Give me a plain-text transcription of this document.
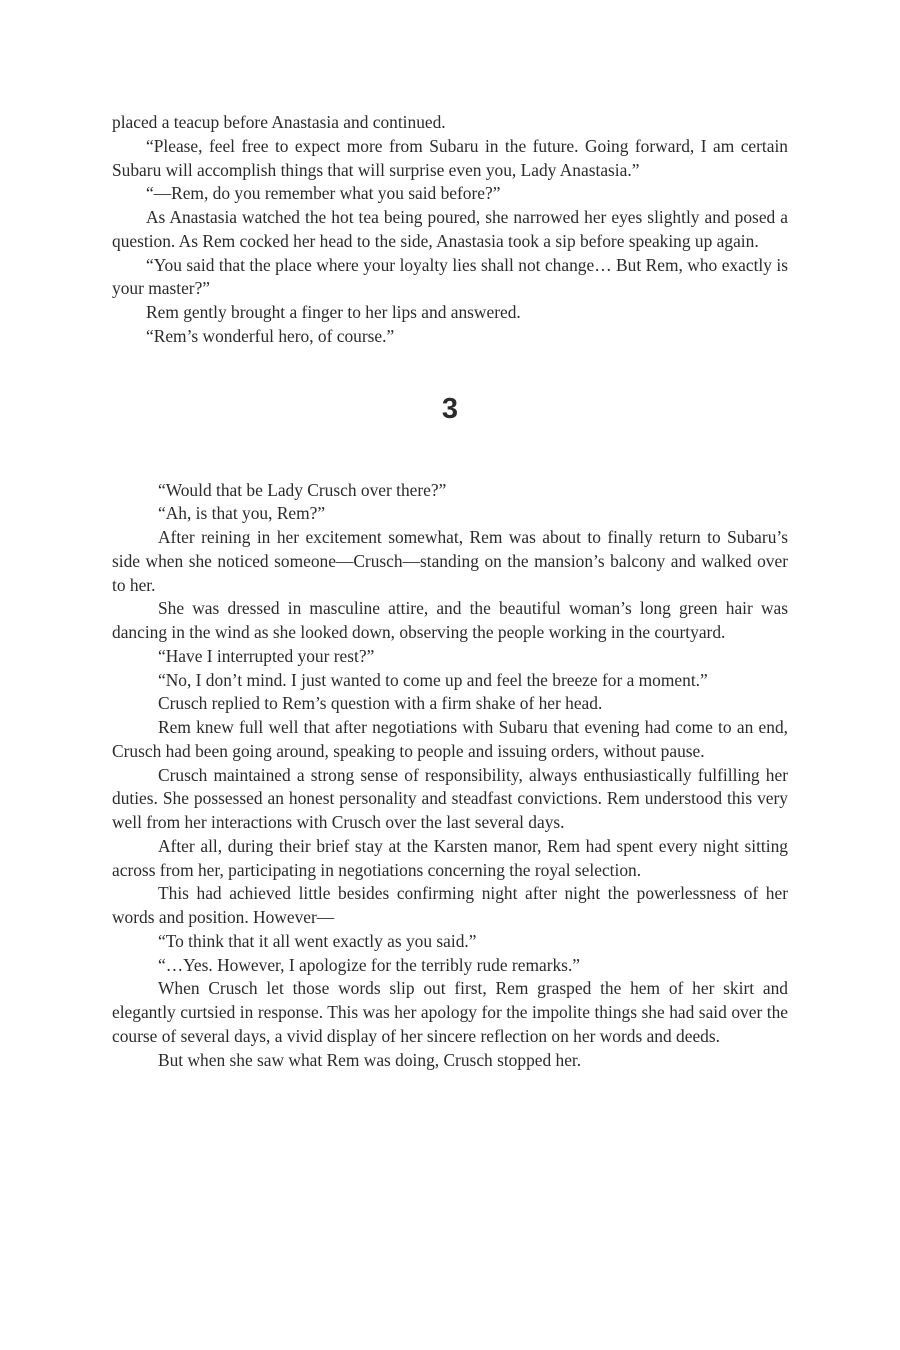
placed a teacup before Anastasia and continued.

“Please, feel free to expect more from Subaru in the future. Going forward, I am certain Subaru will accomplish things that will surprise even you, Lady Anastasia.”

“—Rem, do you remember what you said before?”

As Anastasia watched the hot tea being poured, she narrowed her eyes slightly and posed a question. As Rem cocked her head to the side, Anastasia took a sip before speaking up again.

“You said that the place where your loyalty lies shall not change… But Rem, who exactly is your master?”

Rem gently brought a finger to her lips and answered.

“Rem’s wonderful hero, of course.”

3

“Would that be Lady Crusch over there?”

“Ah, is that you, Rem?”

After reining in her excitement somewhat, Rem was about to finally return to Subaru’s side when she noticed someone—Crusch—standing on the mansion’s balcony and walked over to her.

She was dressed in masculine attire, and the beautiful woman’s long green hair was dancing in the wind as she looked down, observing the people working in the courtyard.

“Have I interrupted your rest?”

“No, I don’t mind. I just wanted to come up and feel the breeze for a moment.”

Crusch replied to Rem’s question with a firm shake of her head.

Rem knew full well that after negotiations with Subaru that evening had come to an end, Crusch had been going around, speaking to people and issuing orders, without pause.

Crusch maintained a strong sense of responsibility, always enthusiastically fulfilling her duties. She possessed an honest personality and steadfast convictions. Rem understood this very well from her interactions with Crusch over the last several days.

After all, during their brief stay at the Karsten manor, Rem had spent every night sitting across from her, participating in negotiations concerning the royal selection.

This had achieved little besides confirming night after night the powerlessness of her words and position. However—

“To think that it all went exactly as you said.”

“…Yes. However, I apologize for the terribly rude remarks.”

When Crusch let those words slip out first, Rem grasped the hem of her skirt and elegantly curtsied in response. This was her apology for the impolite things she had said over the course of several days, a vivid display of her sincere reflection on her words and deeds.

But when she saw what Rem was doing, Crusch stopped her.
